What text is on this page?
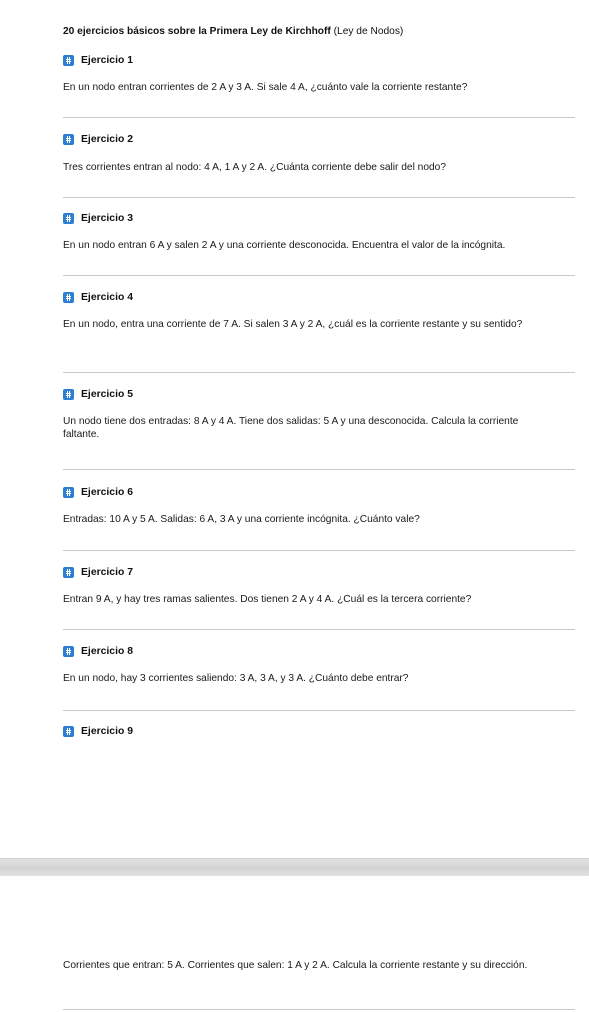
20 ejercicios básicos sobre la Primera Ley de Kirchhoff (Ley de Nodos)
Ejercicio 1
En un nodo entran corrientes de 2 A y 3 A. Si sale 4 A, ¿cuánto vale la corriente restante?
Ejercicio 2
Tres corrientes entran al nodo: 4 A, 1 A y 2 A. ¿Cuánta corriente debe salir del nodo?
Ejercicio 3
En un nodo entran 6 A y salen 2 A y una corriente desconocida. Encuentra el valor de la incógnita.
Ejercicio 4
En un nodo, entra una corriente de 7 A. Si salen 3 A y 2 A, ¿cuál es la corriente restante y su sentido?
Ejercicio 5
Un nodo tiene dos entradas: 8 A y 4 A. Tiene dos salidas: 5 A y una desconocida. Calcula la corriente faltante.
Ejercicio 6
Entradas: 10 A y 5 A. Salidas: 6 A, 3 A y una corriente incógnita. ¿Cuánto vale?
Ejercicio 7
Entran 9 A, y hay tres ramas salientes. Dos tienen 2 A y 4 A. ¿Cuál es la tercera corriente?
Ejercicio 8
En un nodo, hay 3 corrientes saliendo: 3 A, 3 A, y 3 A. ¿Cuánto debe entrar?
Ejercicio 9
Corrientes que entran: 5 A. Corrientes que salen: 1 A y 2 A. Calcula la corriente restante y su dirección.
